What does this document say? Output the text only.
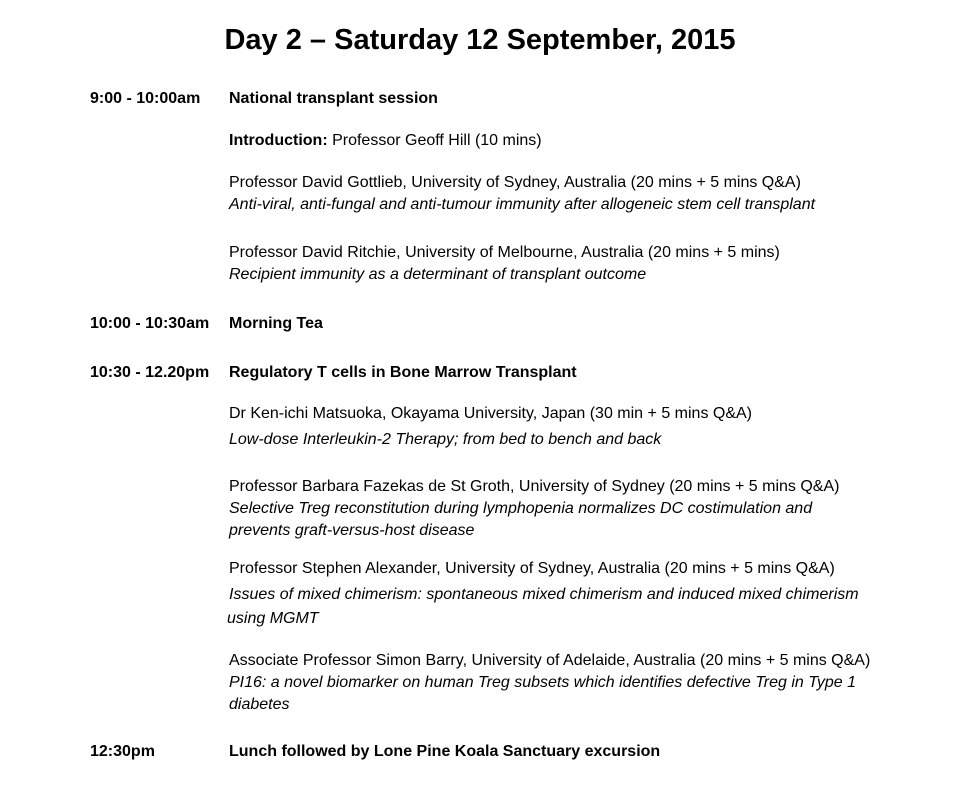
Day 2 – Saturday 12 September, 2015
9:00 - 10:00am National transplant session
Introduction: Professor Geoff Hill (10 mins)
Professor David Gottlieb, University of Sydney, Australia (20 mins + 5 mins Q&A)
Anti-viral, anti-fungal and anti-tumour immunity after allogeneic stem cell transplant
Professor David Ritchie, University of Melbourne, Australia (20 mins + 5 mins)
Recipient immunity as a determinant of transplant outcome
10:00 - 10:30am Morning Tea
10:30 - 12.20pm Regulatory T cells in Bone Marrow Transplant
Dr Ken-ichi Matsuoka, Okayama University, Japan (30 min + 5 mins Q&A)
Low-dose Interleukin-2 Therapy; from bed to bench and back
Professor Barbara Fazekas de St Groth, University of Sydney (20 mins + 5 mins Q&A)
Selective Treg reconstitution during lymphopenia normalizes DC costimulation and
prevents graft-versus-host disease
Professor Stephen Alexander, University of Sydney, Australia (20 mins + 5 mins Q&A)
Issues of mixed chimerism: spontaneous mixed chimerism and induced mixed chimerism
using MGMT
Associate Professor Simon Barry, University of Adelaide, Australia (20 mins + 5 mins Q&A)
PI16: a novel biomarker on human Treg subsets which identifies defective Treg in Type 1
diabetes
12:30pm	Lunch followed by Lone Pine Koala Sanctuary excursion
